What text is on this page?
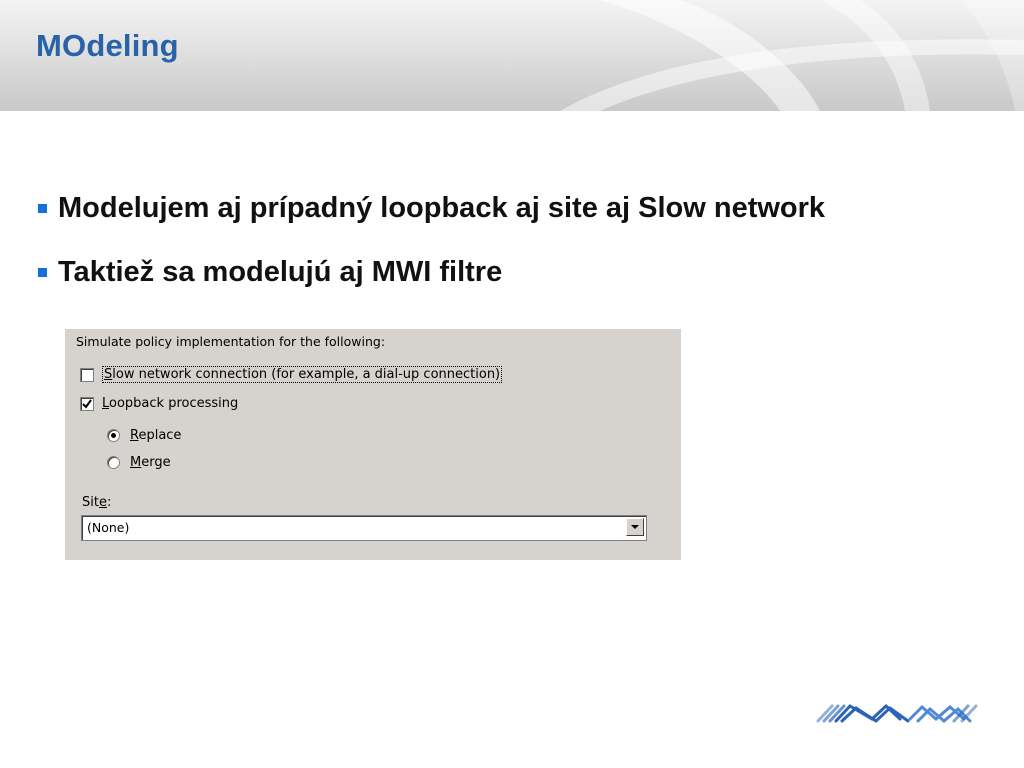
MOdeling
Modelujem aj prípadný loopback aj site aj Slow network
Taktiež sa modelujú aj MWI filtre
Simulate policy implementation for the following:
Slow network connection (for example, a dial-up connection)
Loopback processing
Replace
Merge
Site:
(None)
